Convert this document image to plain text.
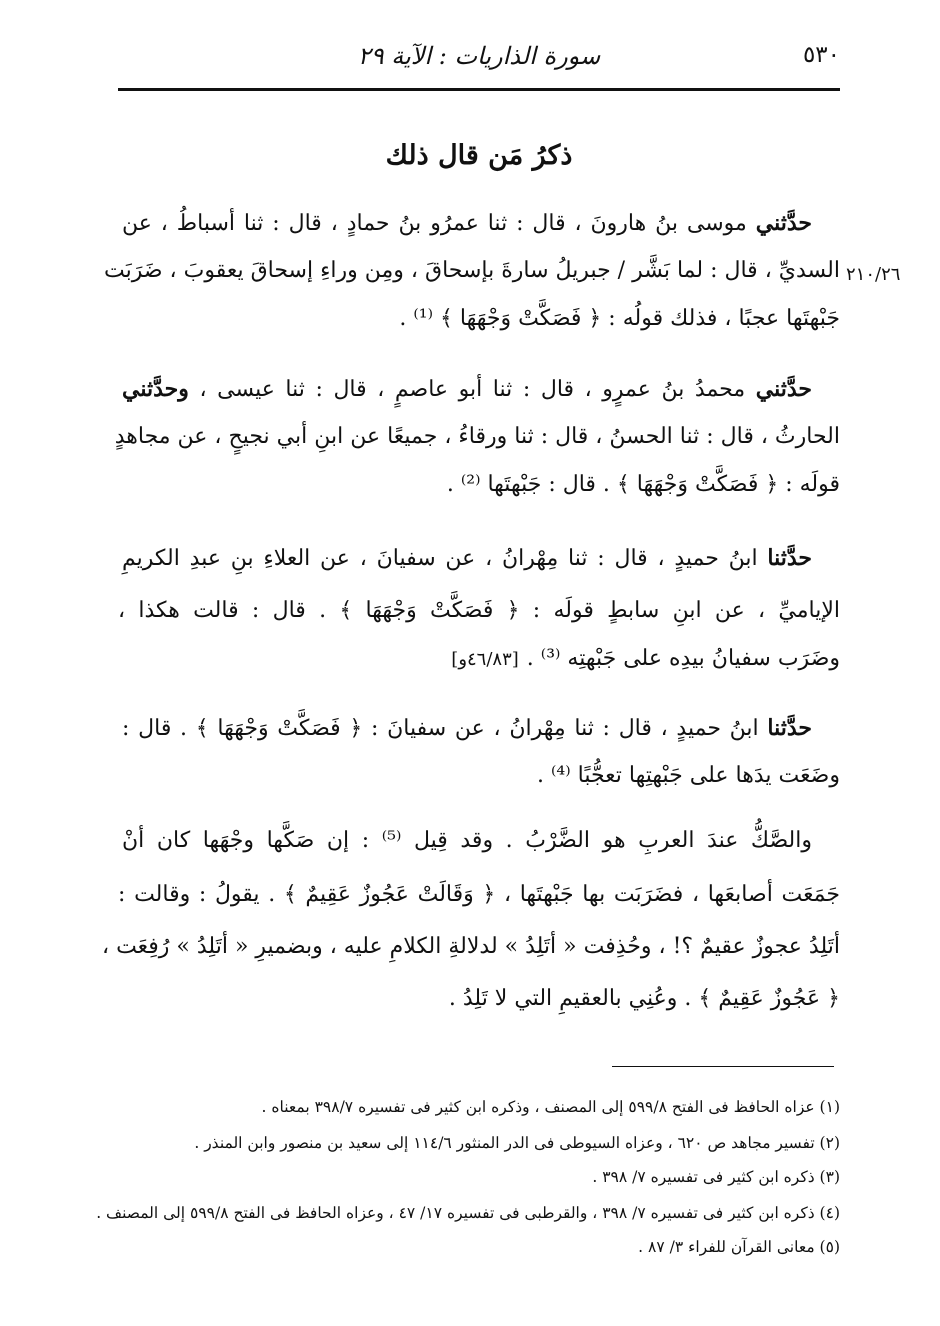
٥٣٠
سورة الذاريات : الآية ٢٩
ذكرُ مَن قال ذلك
حدَّثني موسى بنُ هارونَ ، قال : ثنا عمرُو بنُ حمادٍ ، قال : ثنا أسباطُ ، عن
السديِّ ، قال : لما بَشَّر / جبريلُ سارةَ بإسحاقَ ، ومِن وراءِ إسحاقَ يعقوبَ ، ضَرَبَت ٢١٠/٢٦
جَبْهتَها عجبًا ، فذلك قولُه : ﴿ فَصَكَّتْ وَجْهَهَا ﴾ ⁽¹⁾ .
حدَّثني محمدُ بنُ عمرٍو ، قال : ثنا أبو عاصمٍ ، قال : ثنا عيسى ، وحدَّثني
الحارثُ ، قال : ثنا الحسنُ ، قال : ثنا ورقاءُ ، جميعًا عن ابنِ أبي نجيحٍ ، عن مجاهدٍ
قولَه : ﴿ فَصَكَّتْ وَجْهَهَا ﴾ . قال : جَبْهتَها ⁽²⁾ .
حدَّثنا ابنُ حميدٍ ، قال : ثنا مِهْرانُ ، عن سفيانَ ، عن العلاءِ بنِ عبدِ الكريمِ
الإياميِّ ، عن ابنِ سابطٍ قولَه : ﴿ فَصَكَّتْ وَجْهَهَا ﴾ . قال : قالت هكذا ،
وضَرَب سفيانُ بيدِه على جَبْهتِه ⁽³⁾ .[٤٦/٨٣و]
حدَّثنا ابنُ حميدٍ ، قال : ثنا مِهْرانُ ، عن سفيانَ : ﴿ فَصَكَّتْ وَجْهَهَا ﴾ . قال :
وضَعَت يدَها على جَبْهتِها تعجُّبًا ⁽⁴⁾ .
والصَّكُّ عندَ العربِ هو الضَّرْبُ . وقد قِيل ⁽⁵⁾ : إن صَكَّها وجْهَها كان أنْ
جَمَعَت أصابعَها ، فضَرَبَت بها جَبْهتَها ، ﴿ وَقَالَتْ عَجُوزٌ عَقِيمٌ ﴾ . يقولُ : وقالت :
أتَلِدُ عجوزٌ عقيمٌ ؟! ، وحُذِفت « أتَلِدُ » لدلالةِ الكلامِ عليه ، وبضميرِ « أتَلِدُ » رُفِعَت ،
﴿ عَجُوزٌ عَقِيمٌ ﴾ . وعُنِي بالعقيمِ التي لا تَلِدُ .
(١) عزاه الحافظ فى الفتح ٥٩٩/٨ إلى المصنف ، وذكره ابن كثير فى تفسيره ٣٩٨/٧ بمعناه .
(٢) تفسير مجاهد ص ٦٢٠ ، وعزاه السيوطى فى الدر المنثور ١١٤/٦ إلى سعيد بن منصور وابن المنذر .
(٣) ذكره ابن كثير فى تفسيره ٧/ ٣٩٨ .
(٤) ذكره ابن كثير فى تفسيره ٧/ ٣٩٨ ، والقرطبى فى تفسيره ١٧/ ٤٧ ، وعزاه الحافظ فى الفتح ٥٩٩/٨ إلى المصنف .
(٥) معانى القرآن للفراء ٣/ ٨٧ .
